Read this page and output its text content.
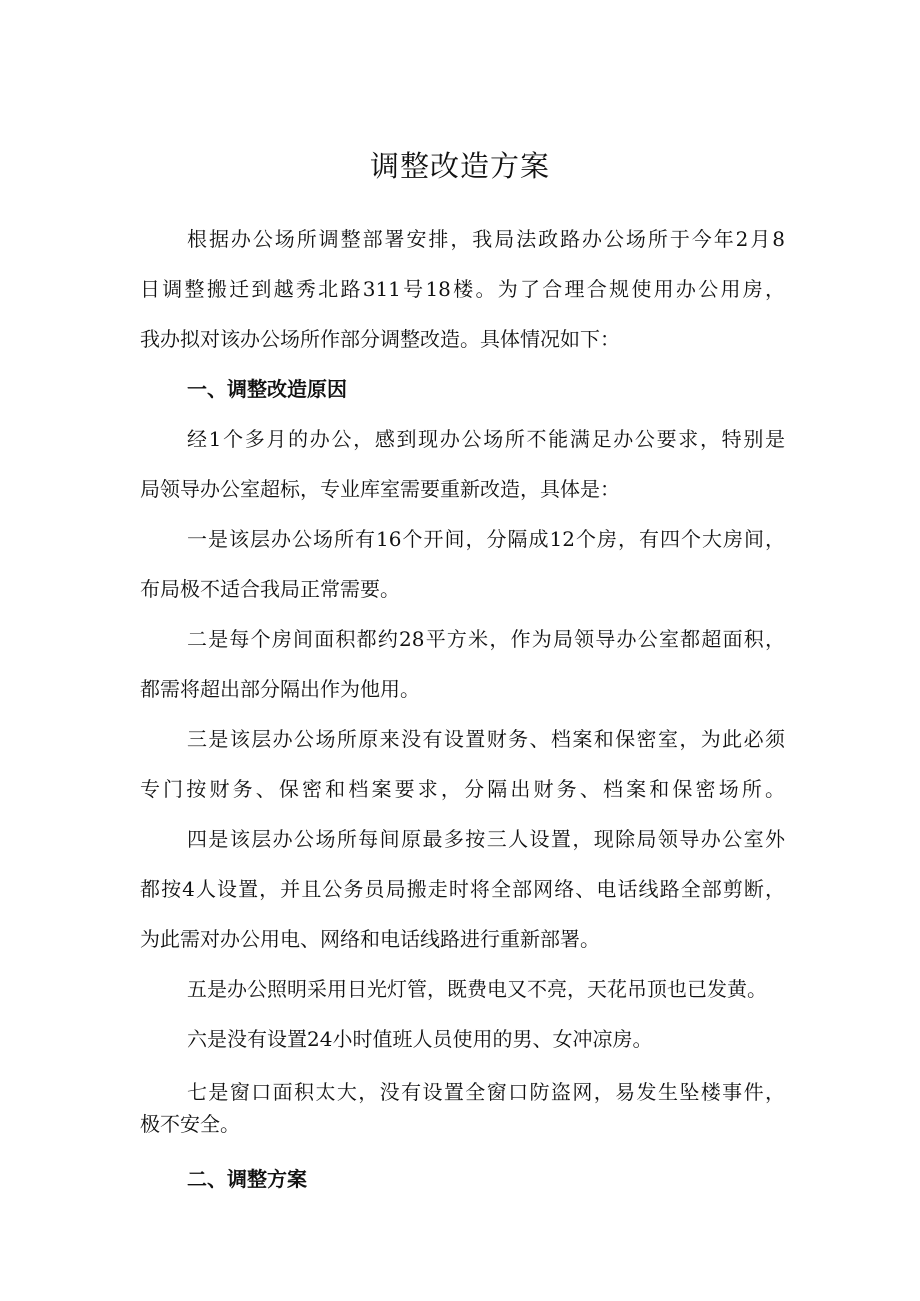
调整改造方案

根据办公场所调整部署安排，我局法政路办公场所于今年2月8
日调整搬迁到越秀北路311号18楼。为了合理合规使用办公用房，
我办拟对该办公场所作部分调整改造。具体情况如下：

一、调整改造原因

经1个多月的办公，感到现办公场所不能满足办公要求，特别是
局领导办公室超标，专业库室需要重新改造，具体是：

一是该层办公场所有16个开间，分隔成12个房，有四个大房间，
布局极不适合我局正常需要。

二是每个房间面积都约28平方米，作为局领导办公室都超面积，
都需将超出部分隔出作为他用。

三是该层办公场所原来没有设置财务、档案和保密室，为此必须
专门按财务、保密和档案要求，分隔出财务、档案和保密场所。

四是该层办公场所每间原最多按三人设置，现除局领导办公室外
都按4人设置，并且公务员局搬走时将全部网络、电话线路全部剪断，
为此需对办公用电、网络和电话线路进行重新部署。

五是办公照明采用日光灯管，既费电又不亮，天花吊顶也已发黄。

六是没有设置24小时值班人员使用的男、女冲凉房。

七是窗口面积太大，没有设置全窗口防盗网，易发生坠楼事件，
极不安全。

二、调整方案
